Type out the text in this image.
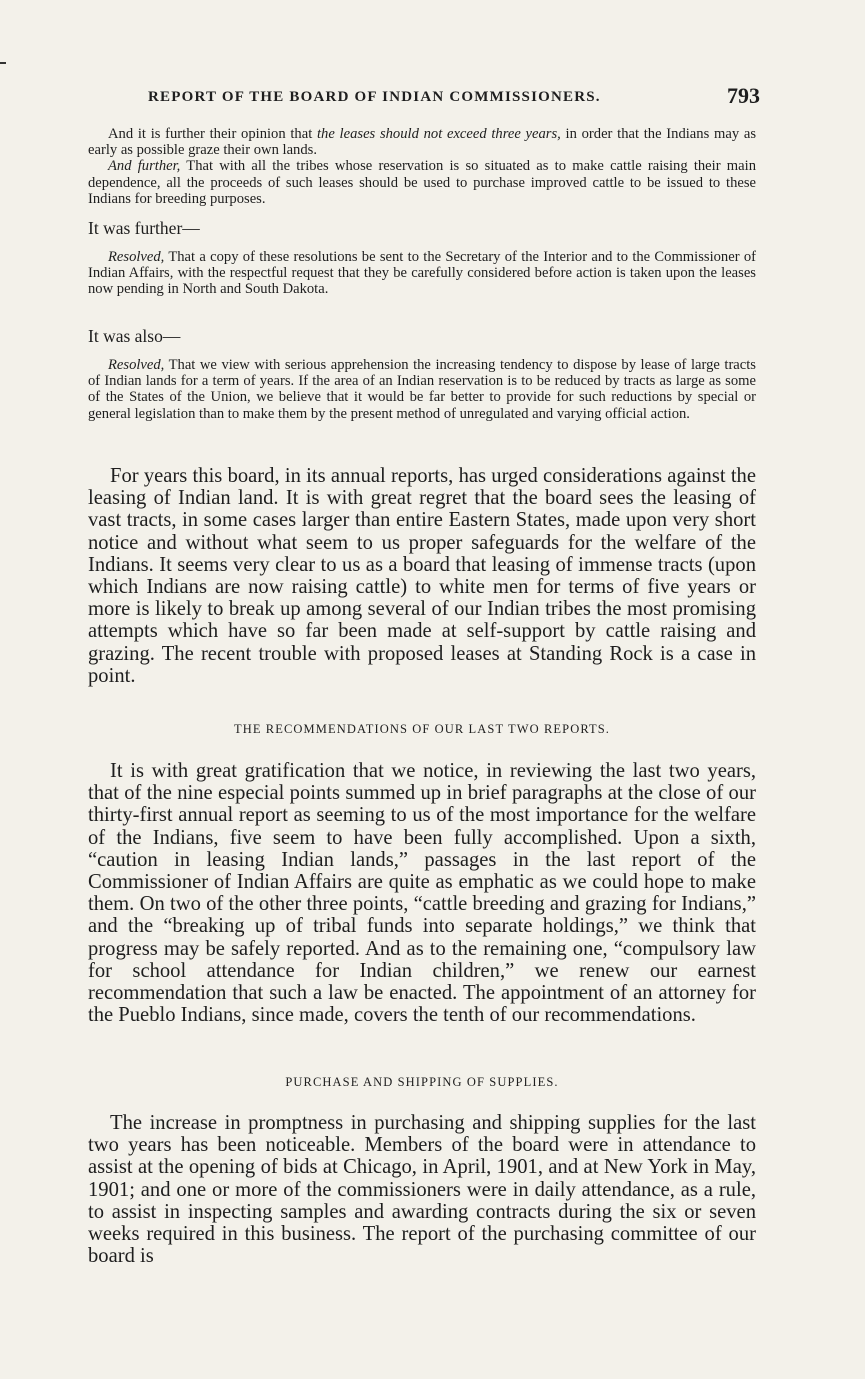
REPORT OF THE BOARD OF INDIAN COMMISSIONERS.	793

And it is further their opinion that the leases should not exceed three years, in order that the Indians may as early as possible graze their own lands.

And further, That with all the tribes whose reservation is so situated as to make cattle raising their main dependence, all the proceeds of such leases should be used to purchase improved cattle to be issued to these Indians for breeding purposes.

It was further—

Resolved, That a copy of these resolutions be sent to the Secretary of the Interior and to the Commissioner of Indian Affairs, with the respectful request that they be carefully considered before action is taken upon the leases now pending in North and South Dakota.

It was also—

Resolved, That we view with serious apprehension the increasing tendency to dispose by lease of large tracts of Indian lands for a term of years. If the area of an Indian reservation is to be reduced by tracts as large as some of the States of the Union, we believe that it would be far better to provide for such reductions by special or general legislation than to make them by the present method of unregulated and varying official action.

For years this board, in its annual reports, has urged considerations against the leasing of Indian land. It is with great regret that the board sees the leasing of vast tracts, in some cases larger than entire Eastern States, made upon very short notice and without what seem to us proper safeguards for the welfare of the Indians. It seems very clear to us as a board that leasing of immense tracts (upon which Indians are now raising cattle) to white men for terms of five years or more is likely to break up among several of our Indian tribes the most promising attempts which have so far been made at self-support by cattle raising and grazing. The recent trouble with proposed leases at Standing Rock is a case in point.

THE RECOMMENDATIONS OF OUR LAST TWO REPORTS.

It is with great gratification that we notice, in reviewing the last two years, that of the nine especial points summed up in brief paragraphs at the close of our thirty-first annual report as seeming to us of the most importance for the welfare of the Indians, five seem to have been fully accomplished. Upon a sixth, “caution in leasing Indian lands,” passages in the last report of the Commissioner of Indian Affairs are quite as emphatic as we could hope to make them. On two of the other three points, “cattle breeding and grazing for Indians,” and the “breaking up of tribal funds into separate holdings,” we think that progress may be safely reported. And as to the remaining one, “compulsory law for school attendance for Indian children,” we renew our earnest recommendation that such a law be enacted. The appointment of an attorney for the Pueblo Indians, since made, covers the tenth of our recommendations.

PURCHASE AND SHIPPING OF SUPPLIES.

The increase in promptness in purchasing and shipping supplies for the last two years has been noticeable. Members of the board were in attendance to assist at the opening of bids at Chicago, in April, 1901, and at New York in May, 1901; and one or more of the commissioners were in daily attendance, as a rule, to assist in inspecting samples and awarding contracts during the six or seven weeks required in this business. The report of the purchasing committee of our board is
